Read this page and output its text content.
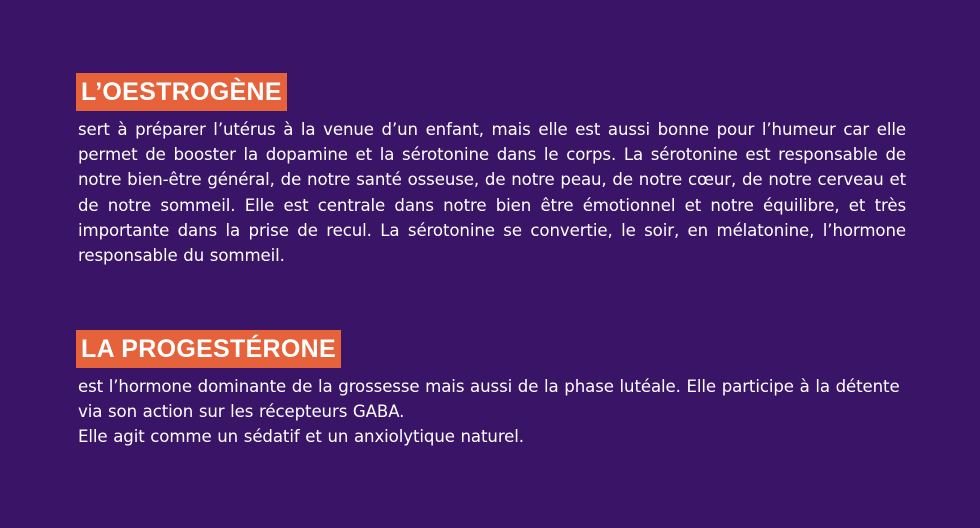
L’OESTROGÈNE

sert à préparer l’utérus à la venue d’un enfant, mais elle est aussi bonne pour l’humeur car elle permet de booster la dopamine et la sérotonine dans le corps. La sérotonine est responsable de notre bien-être général, de notre santé osseuse, de notre peau, de notre cœur, de notre cerveau et de notre sommeil. Elle est centrale dans notre bien être émotionnel et notre équilibre, et très importante dans la prise de recul. La sérotonine se convertie, le soir, en mélatonine, l’hormone responsable du sommeil.

LA PROGESTÉRONE

est l’hormone dominante de la grossesse mais aussi de la phase lutéale. Elle participe à la détente via son action sur les récepteurs GABA.
Elle agit comme un sédatif et un anxiolytique naturel.
